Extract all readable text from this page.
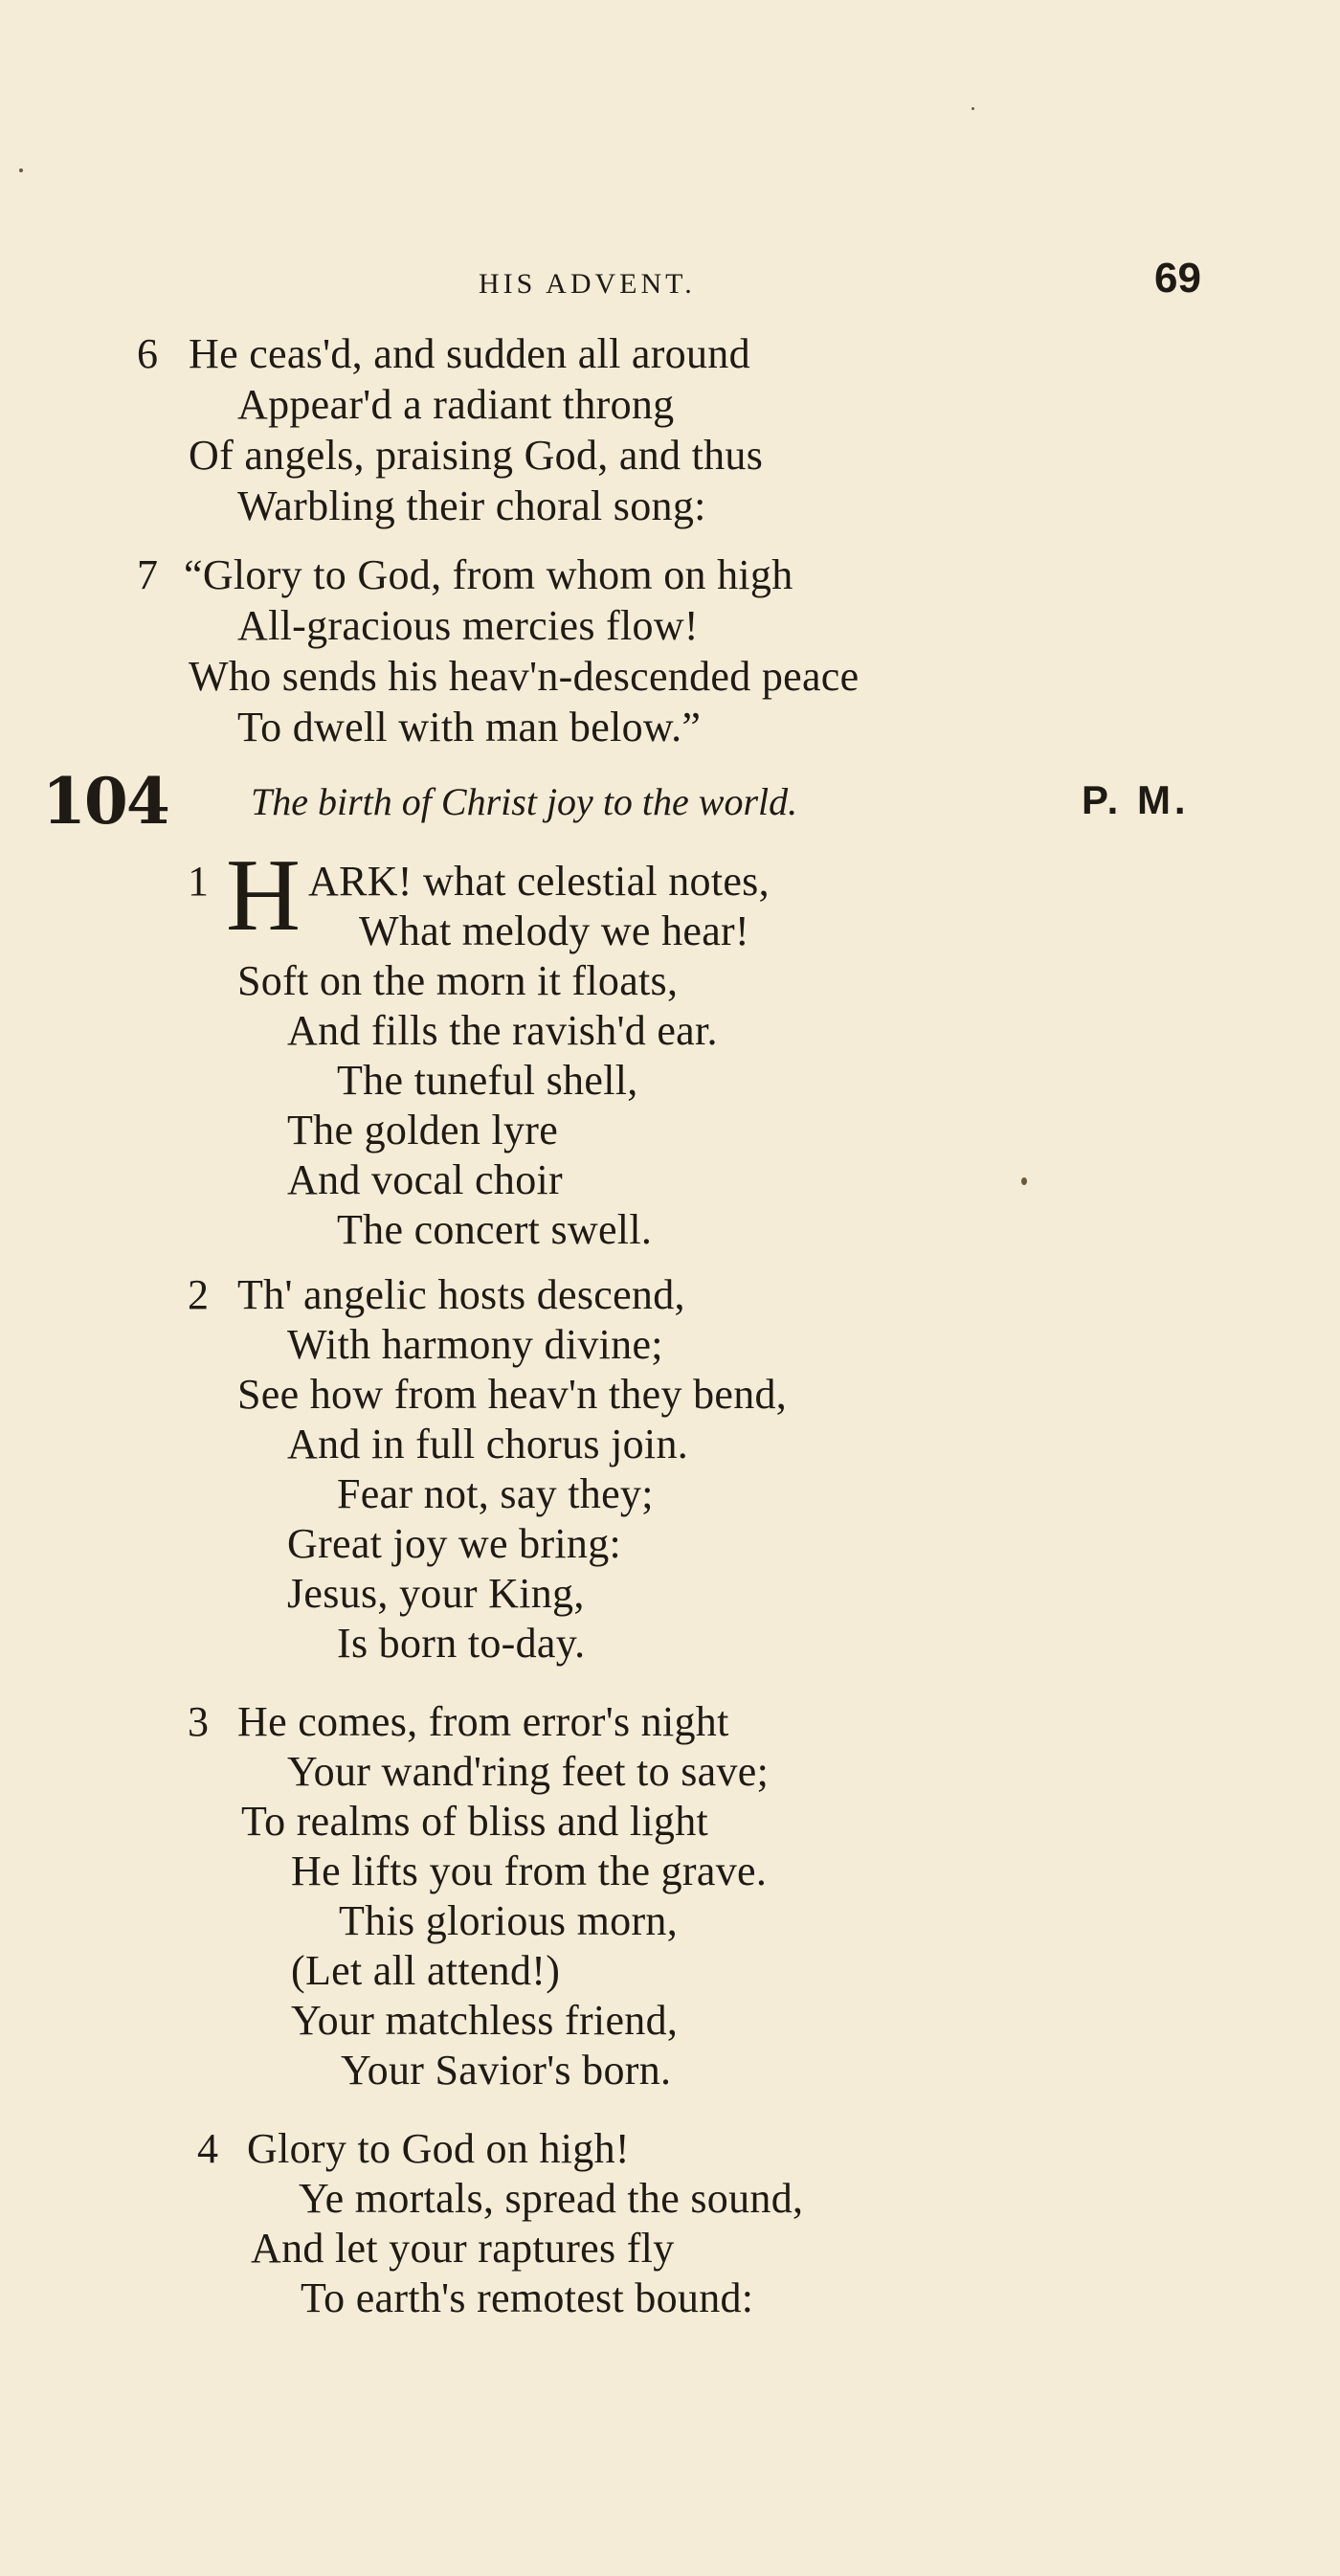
HIS ADVENT.	69
6 He ceas'd, and sudden all around
Appear'd a radiant throng
Of angels, praising God, and thus
Warbling their choral song:
7 “Glory to God, from whom on high
All-gracious mercies flow!
Who sends his heav'n-descended peace
To dwell with man below.”
104 The birth of Christ joy to the world.	P. M.
1 H ARK! what celestial notes,
What melody we hear!
Soft on the morn it floats,
And fills the ravish'd ear.
The tuneful shell,
The golden lyre
And vocal choir
The concert swell.
2 Th' angelic hosts descend,
With harmony divine;
See how from heav'n they bend,
And in full chorus join.
Fear not, say they;
Great joy we bring:
Jesus, your King,
Is born to-day.
3 He comes, from error's night
Your wand'ring feet to save;
To realms of bliss and light
He lifts you from the grave.
This glorious morn,
(Let all attend!)
Your matchless friend,
Your Savior's born.
4 Glory to God on high!
Ye mortals, spread the sound,
And let your raptures fly
To earth's remotest bound:
